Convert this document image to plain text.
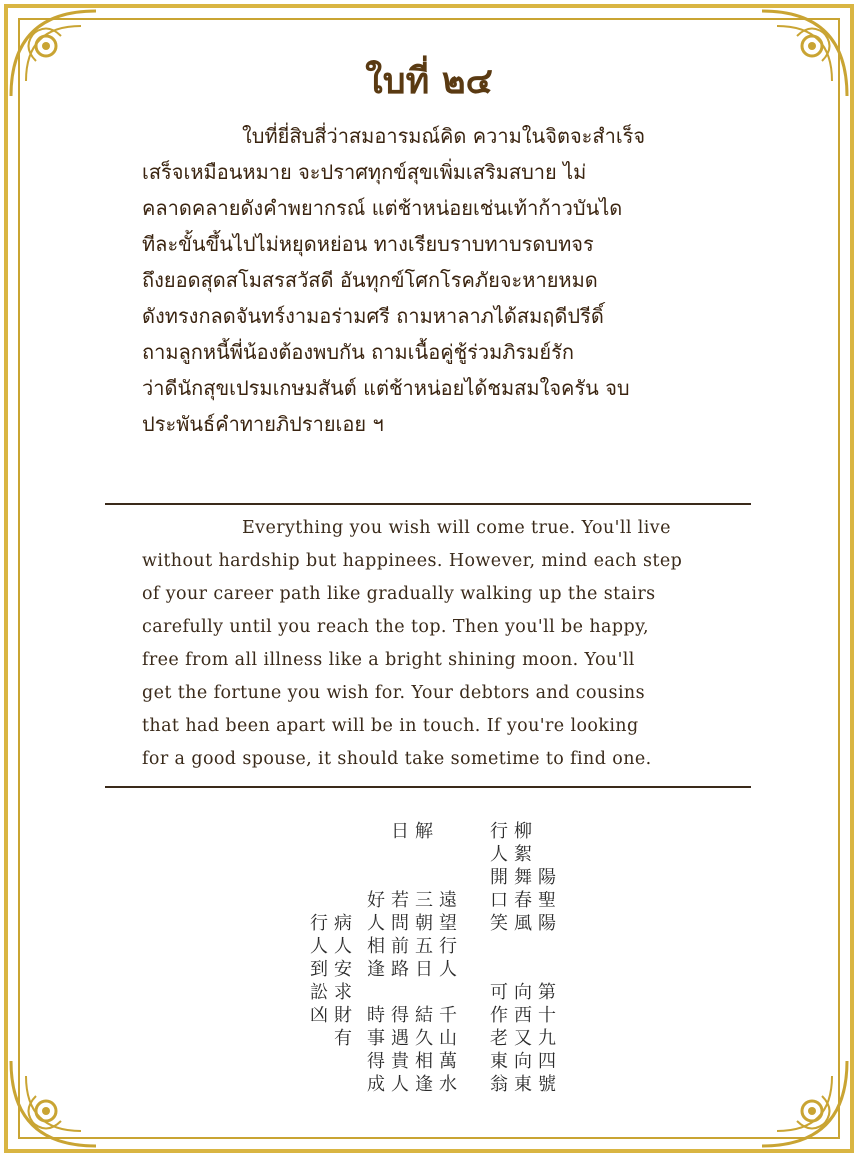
ใบที่ ๒๔
ใบที่ยี่สิบสี่ว่าสมอารมณ์คิด ความในจิตจะสำเร็จ
เสร็จเหมือนหมาย จะปราศทุกข์สุขเพิ่มเสริมสบาย ไม่
คลาดคลายดังคำพยากรณ์ แต่ช้าหน่อยเช่นเท้าก้าวบันได
ทีละขั้นขึ้นไปไม่หยุดหย่อน ทางเรียบราบทาบรดบทจร
ถึงยอดสุดสโมสรสวัสดี อันทุกข์โศกโรคภัยจะหายหมด
ดังทรงกลดจันทร์งามอร่ามศรี ถามหาลาภได้สมฤดีปรีดิ์
ถามลูกหนี้พี่น้องต้องพบกัน ถามเนื้อคู่ชู้ร่วมภิรมย์รัก
ว่าดีนักสุขเปรมเกษมสันต์ แต่ช้าหน่อยได้ชมสมใจครัน จบ
ประพันธ์คำทายภิปรายเอย ฯ
Everything you wish will come true. You'll live
without hardship but happinees. However, mind each step
of your career path like gradually walking up the stairs
carefully until you reach the top. Then you'll be happy,
free from all illness like a bright shining moon. You'll
get the fortune you wish for. Your debtors and cousins
that had been apart will be in touch. If you're looking
for a good spouse, it should take sometime to find one.
陽
聖
陽
第
十
九
四
號
柳
絮
舞
春
風
向
西
又
向
東
行
人
開
口
笑
可
作
老
東
翁
遠
望
行
人
千
山
萬
水
三
朝
五
日
結
久
相
逢
解
若
問
前
路
得
遇
貴
人
日
好
人
相
逢
時
事
得
成
病
人
安
求
財
有
行
人
到
訟
凶
